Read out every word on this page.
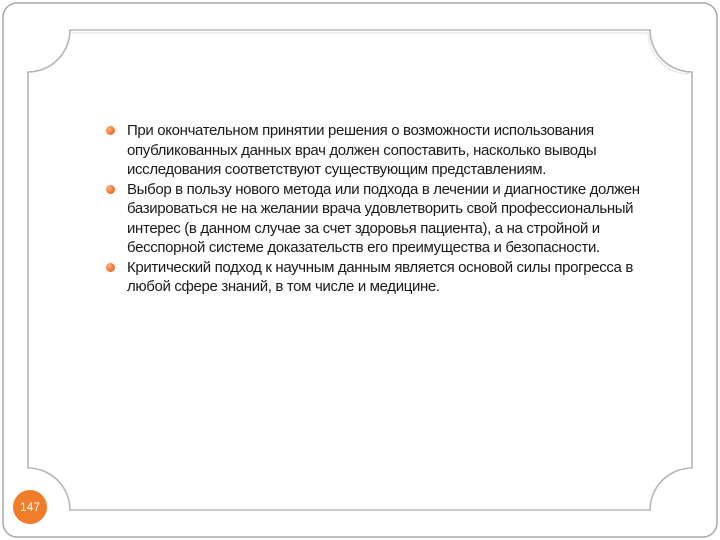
При окончательном принятии решения о возможности использования опубликованных данных врач должен сопоставить, насколько выводы исследования соответствуют существующим представлениям.

Выбор в пользу нового метода или подхода в лечении и диагностике должен базироваться не на желании врача удовлетворить свой профессиональный интерес (в данном случае за счет здоровья пациента), а на стройной и бесспорной системе доказательств его преимущества и безопасности.

Критический подход к научным данным является основой силы прогресса в любой сфере знаний, в том числе и медицине.

147
